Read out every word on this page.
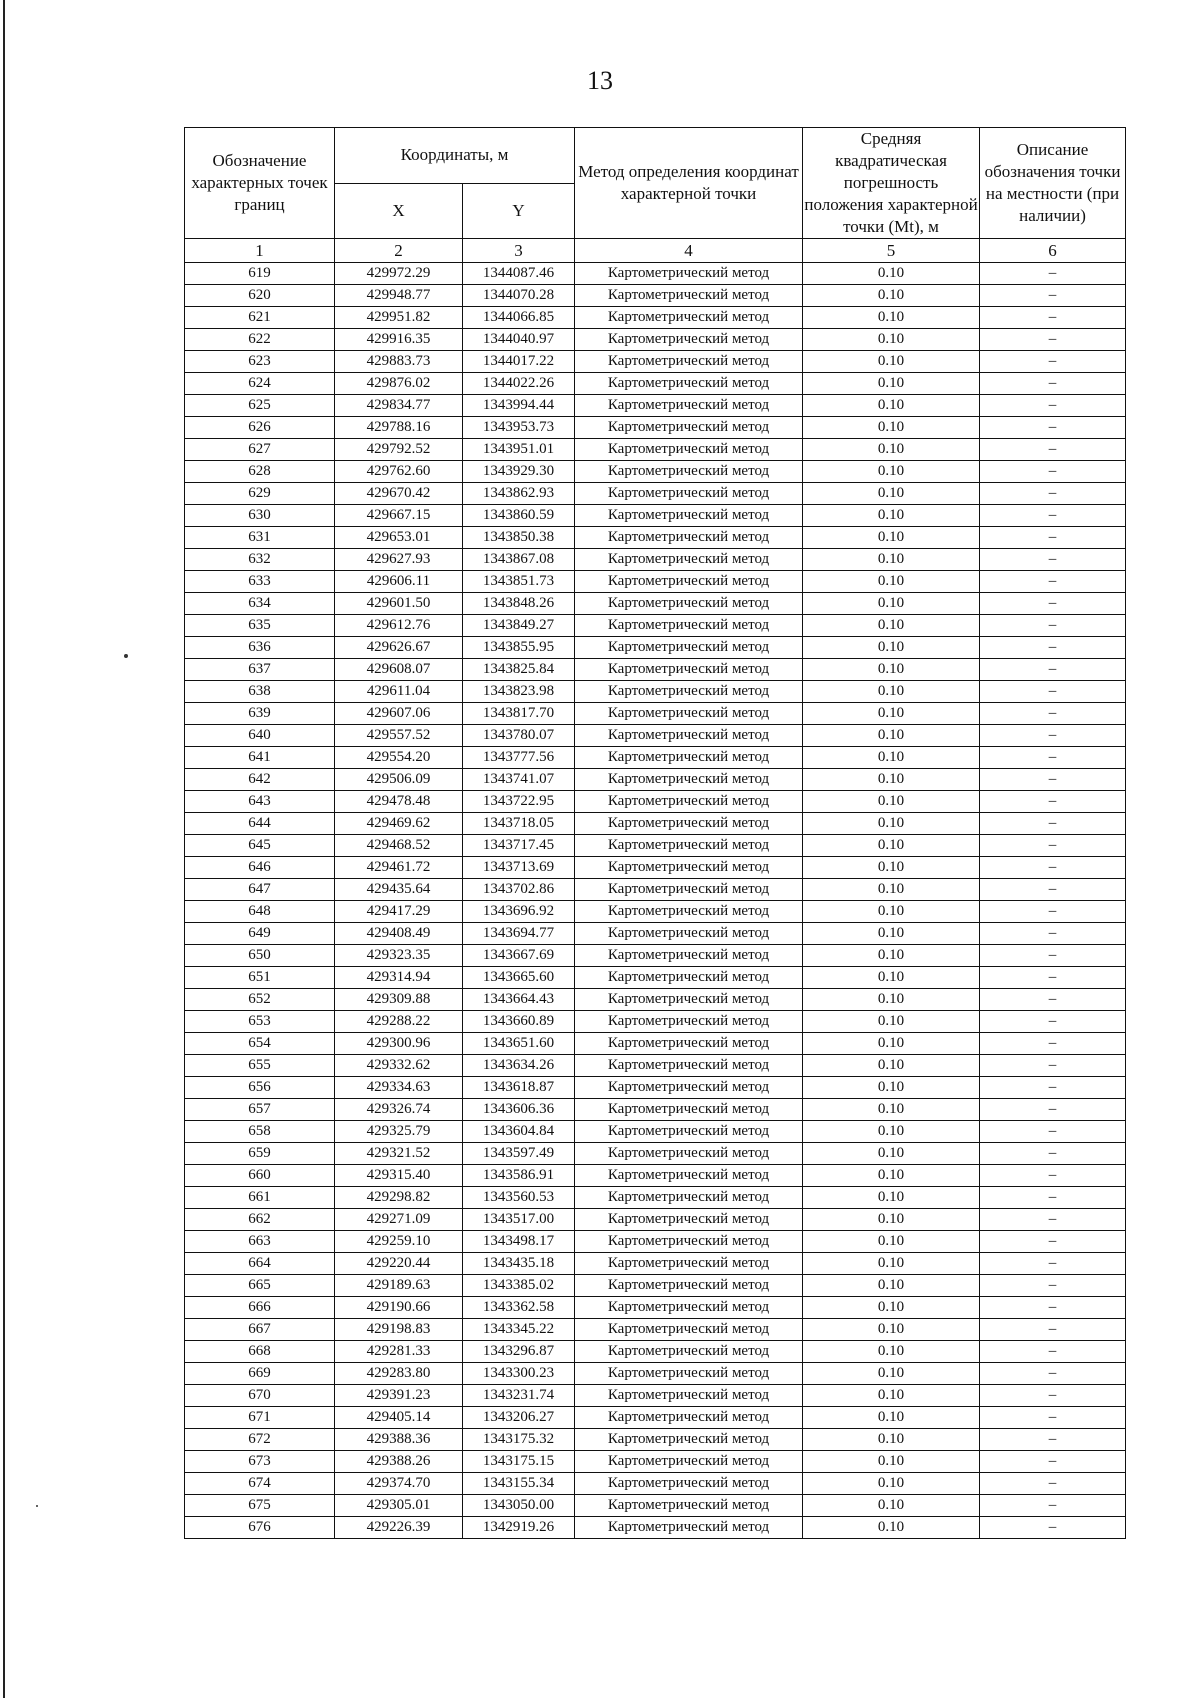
13
Обозначение характерных точек границ	Координаты, м		Метод определения координат характерной точки	Средняя квадратическая погрешность положения характерной точки (Mt), м	Описание обозначения точки на местности (при наличии)
	X	Y			
1	2	3	4	5	6
619	429972.29	1344087.46	Картометрический метод	0.10	–
620	429948.77	1344070.28	Картометрический метод	0.10	–
621	429951.82	1344066.85	Картометрический метод	0.10	–
622	429916.35	1344040.97	Картометрический метод	0.10	–
623	429883.73	1344017.22	Картометрический метод	0.10	–
624	429876.02	1344022.26	Картометрический метод	0.10	–
625	429834.77	1343994.44	Картометрический метод	0.10	–
626	429788.16	1343953.73	Картометрический метод	0.10	–
627	429792.52	1343951.01	Картометрический метод	0.10	–
628	429762.60	1343929.30	Картометрический метод	0.10	–
629	429670.42	1343862.93	Картометрический метод	0.10	–
630	429667.15	1343860.59	Картометрический метод	0.10	–
631	429653.01	1343850.38	Картометрический метод	0.10	–
632	429627.93	1343867.08	Картометрический метод	0.10	–
633	429606.11	1343851.73	Картометрический метод	0.10	–
634	429601.50	1343848.26	Картометрический метод	0.10	–
635	429612.76	1343849.27	Картометрический метод	0.10	–
636	429626.67	1343855.95	Картометрический метод	0.10	–
637	429608.07	1343825.84	Картометрический метод	0.10	–
638	429611.04	1343823.98	Картометрический метод	0.10	–
639	429607.06	1343817.70	Картометрический метод	0.10	–
640	429557.52	1343780.07	Картометрический метод	0.10	–
641	429554.20	1343777.56	Картометрический метод	0.10	–
642	429506.09	1343741.07	Картометрический метод	0.10	–
643	429478.48	1343722.95	Картометрический метод	0.10	–
644	429469.62	1343718.05	Картометрический метод	0.10	–
645	429468.52	1343717.45	Картометрический метод	0.10	–
646	429461.72	1343713.69	Картометрический метод	0.10	–
647	429435.64	1343702.86	Картометрический метод	0.10	–
648	429417.29	1343696.92	Картометрический метод	0.10	–
649	429408.49	1343694.77	Картометрический метод	0.10	–
650	429323.35	1343667.69	Картометрический метод	0.10	–
651	429314.94	1343665.60	Картометрический метод	0.10	–
652	429309.88	1343664.43	Картометрический метод	0.10	–
653	429288.22	1343660.89	Картометрический метод	0.10	–
654	429300.96	1343651.60	Картометрический метод	0.10	–
655	429332.62	1343634.26	Картометрический метод	0.10	–
656	429334.63	1343618.87	Картометрический метод	0.10	–
657	429326.74	1343606.36	Картометрический метод	0.10	–
658	429325.79	1343604.84	Картометрический метод	0.10	–
659	429321.52	1343597.49	Картометрический метод	0.10	–
660	429315.40	1343586.91	Картометрический метод	0.10	–
661	429298.82	1343560.53	Картометрический метод	0.10	–
662	429271.09	1343517.00	Картометрический метод	0.10	–
663	429259.10	1343498.17	Картометрический метод	0.10	–
664	429220.44	1343435.18	Картометрический метод	0.10	–
665	429189.63	1343385.02	Картометрический метод	0.10	–
666	429190.66	1343362.58	Картометрический метод	0.10	–
667	429198.83	1343345.22	Картометрический метод	0.10	–
668	429281.33	1343296.87	Картометрический метод	0.10	–
669	429283.80	1343300.23	Картометрический метод	0.10	–
670	429391.23	1343231.74	Картометрический метод	0.10	–
671	429405.14	1343206.27	Картометрический метод	0.10	–
672	429388.36	1343175.32	Картометрический метод	0.10	–
673	429388.26	1343175.15	Картометрический метод	0.10	–
674	429374.70	1343155.34	Картометрический метод	0.10	–
675	429305.01	1343050.00	Картометрический метод	0.10	–
676	429226.39	1342919.26	Картометрический метод	0.10	–
